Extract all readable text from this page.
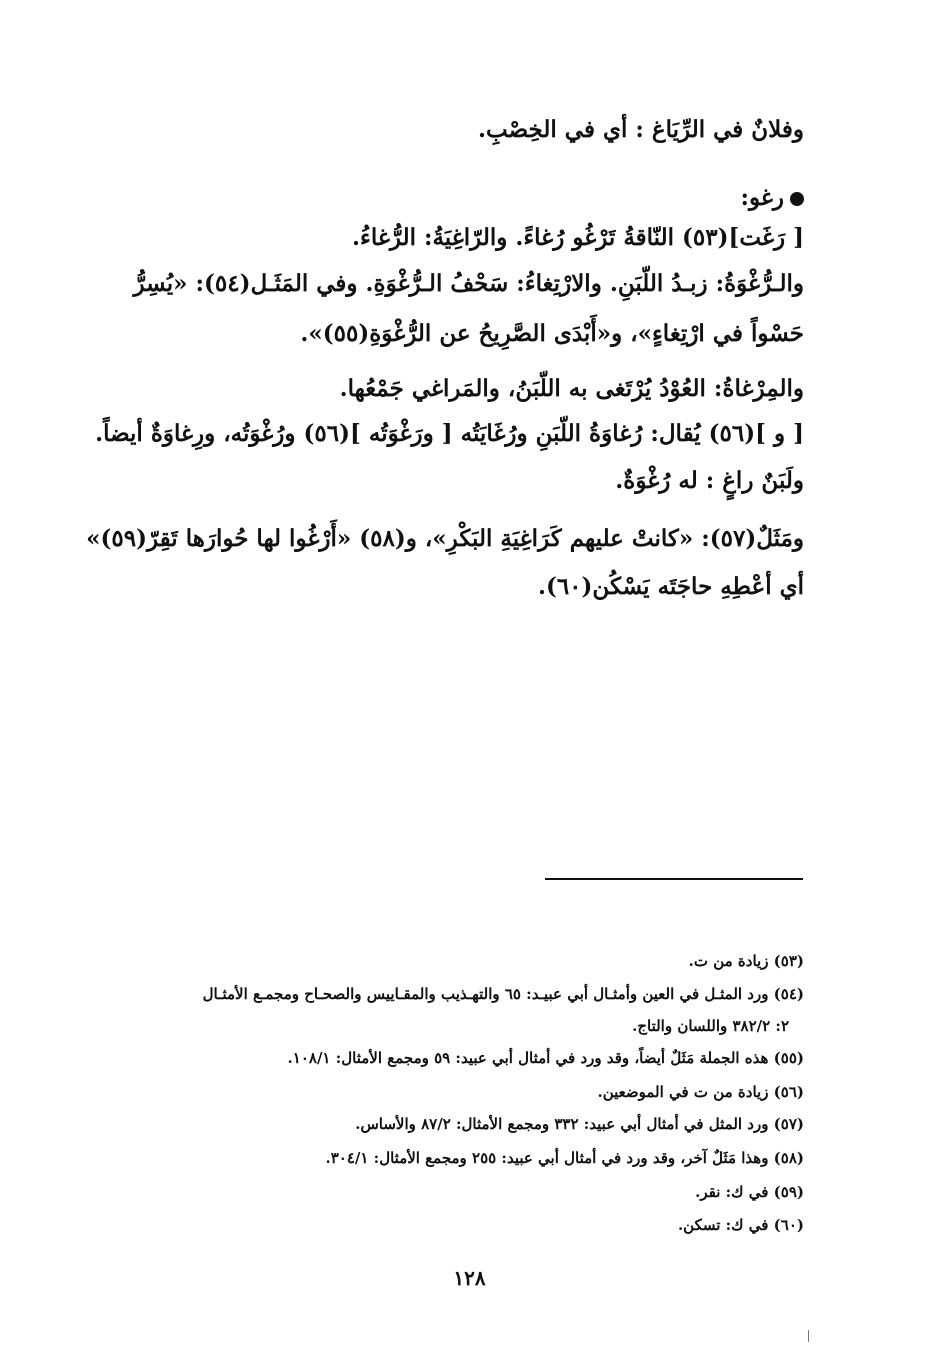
وفلانٌ في الرِّيَاغ : أي في الخِصْبِ.
رغو:
[ رَغَت](٥٣) النّاقةُ تَرْغُو رُغاءً. والرّاغِيَةُ: الرُّغاءُ.
والـرُّغْوَةُ: زبـدُ اللّبَنِ. والارْتِغاءُ: سَحْفُ الـرُّغْوَةِ. وفي المَثَـل(٥٤): «يُسِرُّ
حَسْواً في ارْتِغاءٍ»، و«أَبْدَى الصَّرِيحُ عن الرُّغْوَةِ(٥٥)».
والمِرْغاةُ: العُوْدُ يُرْتَغى به اللّبَنُ، والمَراغي جَمْعُها.
[ و ](٥٦) يُقال: رُغاوَةُ اللّبَنِ ورُغَايَتُه [ ورَغْوَتُه ](٥٦) ورُغْوَتُه، ورِغاوَةٌ أيضاً.
ولَبَنٌ راغٍ : له رُغْوَةٌ.
ومَثَلٌ(٥٧): «كانتْ عليهم كَرَاغِيَةِ البَكْرِ»، و(٥٨) «أَرْغُوا لها حُوارَها تَقِرّ(٥٩)»
أي أعْطِهِ حاجَتَه يَسْكُن(٦٠).
(٥٣) زيادة من ت.
(٥٤) ورد المثـل في العين وأمثـال أبي عبيـد: ٦٥ والتهـذيب والمقـاييس والصحـاح ومجمـع الأمثـال
٢: ٣٨٢/٢ واللسان والتاج.
(٥٥) هذه الجملة مَثَلٌ أيضاً، وقد ورد في أمثال أبي عبيد: ٥٩ ومجمع الأمثال: ١٠٨/١.
(٥٦) زيادة من ت في الموضعين.
(٥٧) ورد المثل في أمثال أبي عبيد: ٣٣٢ ومجمع الأمثال: ٨٧/٢ والأساس.
(٥٨) وهذا مَثَلٌ آخر، وقد ورد في أمثال أبي عبيد: ٢٥٥ ومجمع الأمثال: ٣٠٤/١.
(٥٩) في ك: نقر.
(٦٠) في ك: تسكن.
١٢٨
